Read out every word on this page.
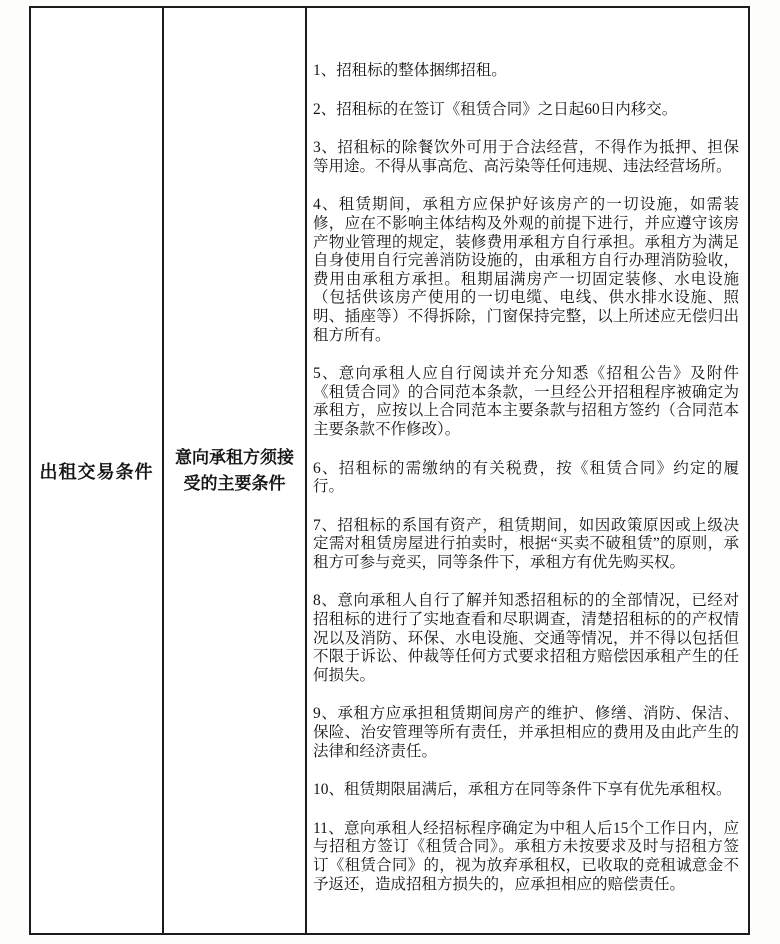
出租交易条件
意向承租方须接
受的主要条件

1、招租标的整体捆绑招租。

2、招租标的在签订《租赁合同》之日起60日内移交。

3、招租标的除餐饮外可用于合法经营，不得作为抵押、担保等用途。不得从事高危、高污染等任何违规、违法经营场所。

4、租赁期间，承租方应保护好该房产的一切设施，如需装修，应在不影响主体结构及外观的前提下进行，并应遵守该房产物业管理的规定，装修费用承租方自行承担。承租方为满足自身使用自行完善消防设施的，由承租方自行办理消防验收，费用由承租方承担。租期届满房产一切固定装修、水电设施（包括供该房产使用的一切电缆、电线、供水排水设施、照明、插座等）不得拆除，门窗保持完整，以上所述应无偿归出租方所有。

5、意向承租人应自行阅读并充分知悉《招租公告》及附件《租赁合同》的合同范本条款，一旦经公开招租程序被确定为承租方，应按以上合同范本主要条款与招租方签约（合同范本主要条款不作修改）。

6、招租标的需缴纳的有关税费，按《租赁合同》约定的履行。

7、招租标的系国有资产，租赁期间，如因政策原因或上级决定需对租赁房屋进行拍卖时，根据“买卖不破租赁”的原则，承租方可参与竞买，同等条件下，承租方有优先购买权。

8、意向承租人自行了解并知悉招租标的的全部情况，已经对招租标的进行了实地查看和尽职调查，清楚招租标的的产权情况以及消防、环保、水电设施、交通等情况，并不得以包括但不限于诉讼、仲裁等任何方式要求招租方赔偿因承租产生的任何损失。

9、承租方应承担租赁期间房产的维护、修缮、消防、保洁、保险、治安管理等所有责任，并承担相应的费用及由此产生的法律和经济责任。

10、租赁期限届满后，承租方在同等条件下享有优先承租权。

11、意向承租人经招标程序确定为中租人后15个工作日内，应与招租方签订《租赁合同》。承租方未按要求及时与招租方签订《租赁合同》的，视为放弃承租权，已收取的竞租诚意金不予返还，造成招租方损失的，应承担相应的赔偿责任。
